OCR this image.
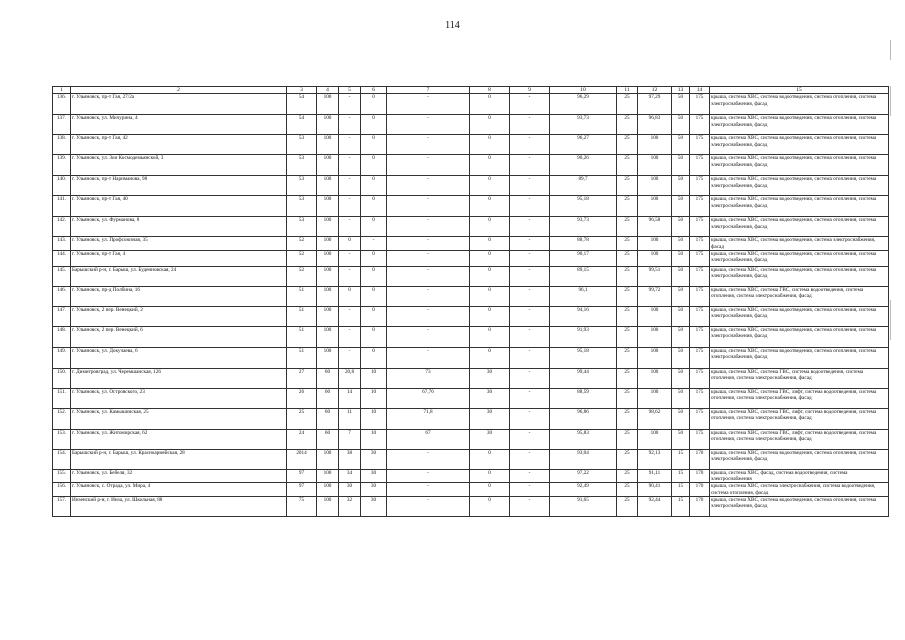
114
1	2	3	4	5	6	7	8	9	10	11	12	13	14	15
136.	г. Ульяновск, пр-т Гая, 27/2а	54	100	-	0	-	0	-	96,29	25	97,29	50	175	крыша, система ХВС, система водоотведения, система отопления, система электроснабжения, фасад
137.	г. Ульяновск, ул. Мичурина, 4	54	100	-	0	-	0	-	93,73	25	96,83	50	175	крыша, система ХВС, система водоотведения, система отопления, система электроснабжения, фасад
138.	г. Ульяновск, пр-т Гая, 42	53	100	-	0	-	0	-	96,27	25	100	50	175	крыша, система ХВС, система водоотведения, система отопления, система электроснабжения, фасад
139.	г. Ульяновск, ул. Зои Космодемьянской, 3	53	100	-	0	-	0	-	90,26	25	100	50	175	крыша, система ХВС, система водоотведения, система отопления, система электроснабжения, фасад
140.	г. Ульяновск, пр-т Нариманова, 98	53	100	-	0	-	0	-	89,7	25	100	50	175	крыша, система ХВС, система водоотведения, система отопления, система электроснабжения, фасад
141.	г. Ульяновск, пр-т Гая, 40	53	100	-	0	-	0	-	95,18	25	100	50	175	крыша, система ХВС, система водоотведения, система отопления, система электроснабжения, фасад
142.	г. Ульяновск, ул. Фурманова, 8	53	100	-	0	-	0	-	93,73	25	96,58	50	175	крыша, система ХВС, система водоотведения, система отопления, система электроснабжения, фасад
143.	г. Ульяновск, ул. Профсоюзная, 35	52	100	0	-	-	0	-	88,78	25	100	50	175	крыша, система ХВС, система водоотведения, система электроснабжения, фасад
144.	г. Ульяновск, пр-т Гая, 4	52	100	-	0	-	0	-	90,17	25	100	50	175	крыша, система ХВС, система водоотведения, система отопления, система электроснабжения, фасад
145.	Барышский р-н, г. Барыш, ул. Буденновская, 24	52	100	-	0	-	0	-	89,15	25	99,51	50	175	крыша, система ХВС, система водоотведения, система отопления, система электроснабжения, фасад
146.	г. Ульяновск, пр-д Полбина, 16	51	100	0	0	-	0	-	96,1	25	99,72	50	175	крыша, система ХВС, система ГВС, система водоотведения, система отопления, система электроснабжения, фасад
147.	г. Ульяновск, 2 пер. Венецкий, 2	51	100	-	0	-	0	-	94,16	25	100	50	175	крыша, система ХВС, система водоотведения, система отопления, система электроснабжения, фасад
148.	г. Ульяновск, 2 пер. Венецкий, 6	51	100	-	0	-	0	-	91,93	25	100	50	175	крыша, система ХВС, система водоотведения, система отопления, система электроснабжения, фасад
149.	г. Ульяновск, ул. Докучаева, 6	51	100	-	0	-	0	-	95,18	25	100	50	175	крыша, система ХВС, система водоотведения, система отопления, система электроснабжения, фасад
150.	г. Димитровград, ул. Черемшанская, 126	27	60	20,8	10	73	30	-	99,44	25	100	50	175	крыша, система ХВС, система ГВС, система водоотведения, система отопления, система электроснабжения, фасад
151.	г. Ульяновск, ул. Островского, 23	26	60	14	10	67,76	30	-	88,59	25	100	50	175	крыша, система ХВС, система ГВС, лифт, система водоотведения, система отопления, система электроснабжения, фасад
152.	г. Ульяновск, ул. Камышинская, 25	25	60	11	10	71,8	30	-	96,86	25	98,62	50	175	крыша, система ХВС, система ГВС, лифт, система водоотведения, система отопления, система электроснабжения, фасад
153.	г. Ульяновск, ул. Житомирская, 62	24	60	7	10	67	30	-	95,83	25	100	50	175	крыша, система ХВС, система ГВС, лифт, система водоотведения, система отопления, система электроснабжения, фасад
154.	Барышский р-н, г. Барыш, ул. Красноармейская, 28	2014	100	38	30	-	0	-	93,04	25	92,13	15	170	крыша, система ХВС, система водоотведения, система отопления, система электроснабжения, фасад
155.	г. Ульяновск, ул. Бебеля, 32	97	100	34	30	-	0	-	97,22	25	91,11	15	170	крыша, система ХВС, фасад, система водоотведения, система электроснабжения
156.	г. Ульяновск, с. Отрада, ул. Мира, 4	97	100	30	30	-	0	-	92,49	25	90,41	15	170	крыша, система ХВС, система электроснабжения, система водоотведения, система отопления, фасад
157.	Инзенский р-н, г. Инза, ул. Школьная, 88	75	100	32	30	-	0	-	91,65	25	92,44	15	170	крыша, система ХВС, система водоотведения, система отопления, система электроснабжения, фасад
